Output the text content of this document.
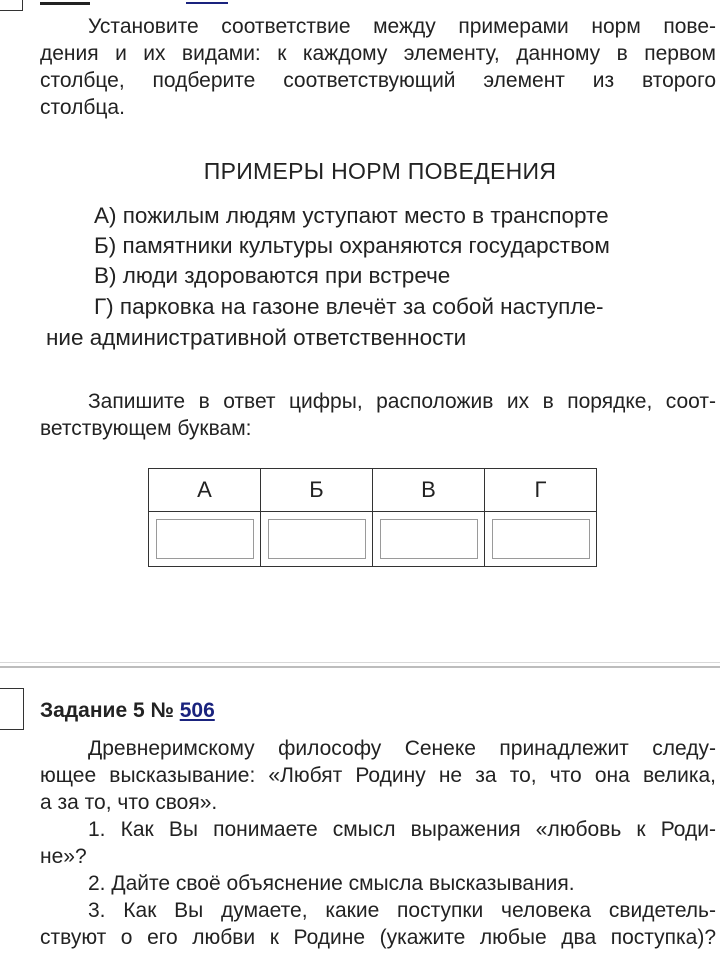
Установите соответствие между примерами норм пове-
дения и их видами: к каждому элементу, данному в первом
столбце, подберите соответствующий элемент из второго
столбца.
ПРИМЕРЫ НОРМ ПОВЕДЕНИЯ
А) пожилым людям уступают место в транспорте
Б) памятники культуры охраняются государством
В) люди здороваются при встрече
Г) парковка на газоне влечёт за собой наступле-
ние административной ответственности
Запишите в ответ цифры, расположив их в порядке, соот-
ветствующем буквам:
А	Б	В	Г

Задание 5 № 506
Древнеримскому философу Сенеке принадлежит следу-
ющее высказывание: «Любят Родину не за то, что она велика,
а за то, что своя».
1. Как Вы понимаете смысл выражения «любовь к Роди-
не»?
2. Дайте своё объяснение смысла высказывания.
3. Как Вы думаете, какие поступки человека свидетель-
ствуют о его любви к Родине (укажите любые два поступка)?
